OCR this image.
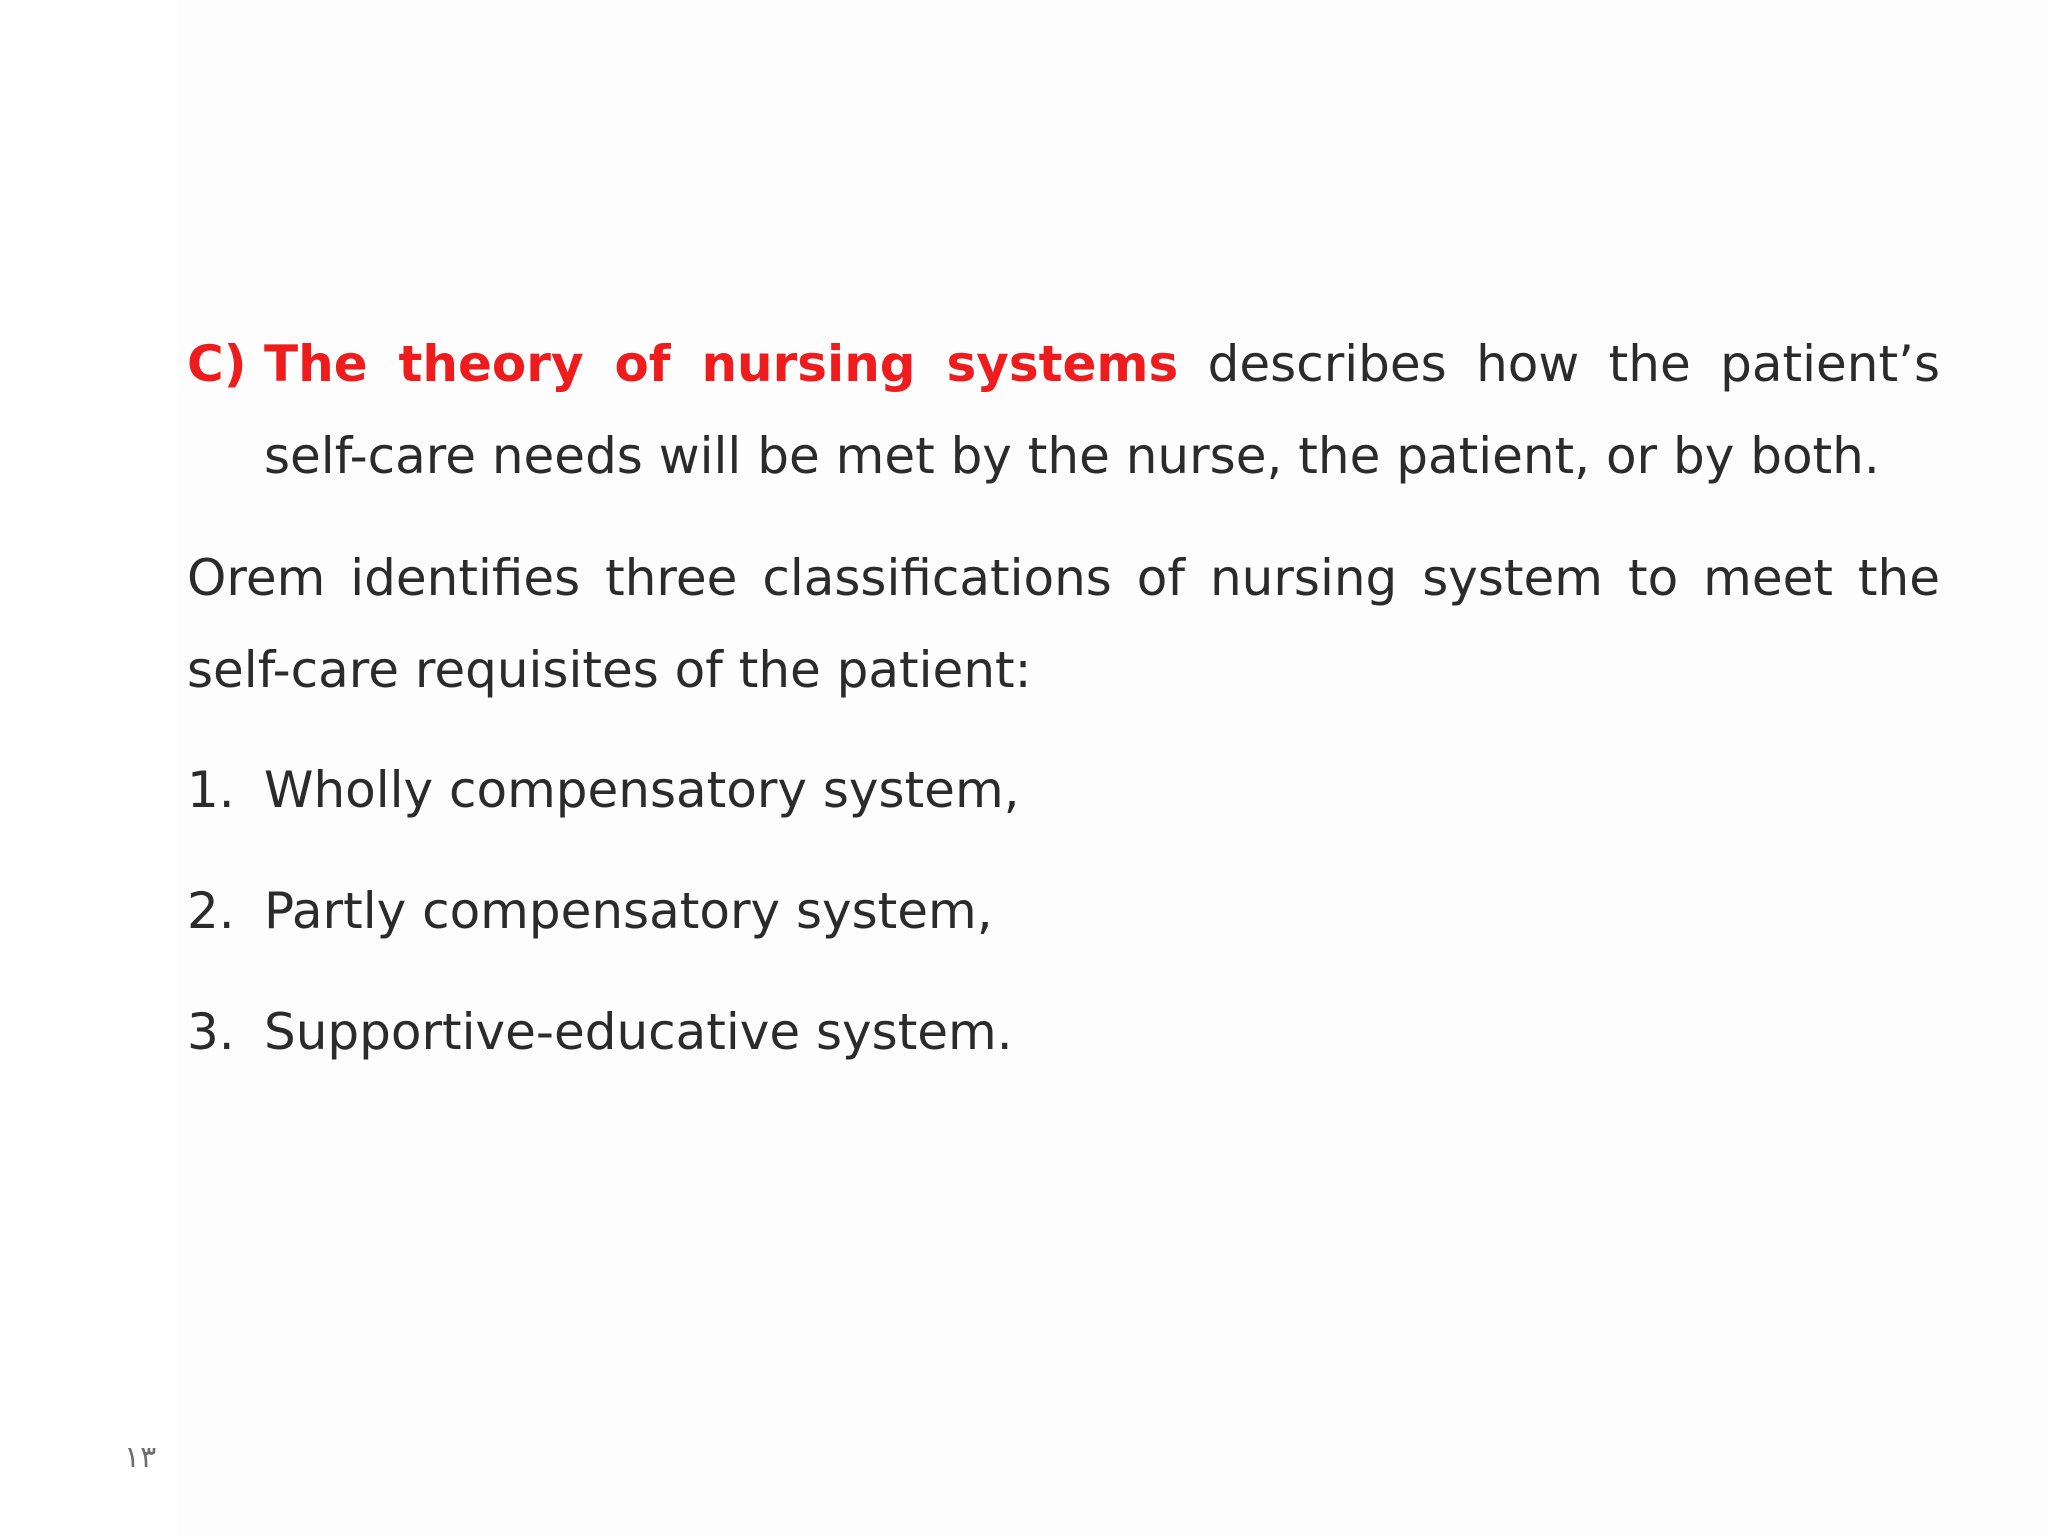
C) The theory of nursing systems describes how the patient’s self-care needs will be met by the nurse, the patient, or by both.
Orem identifies three classifications of nursing system to meet the self-care requisites of the patient:
1. Wholly compensatory system,
2. Partly compensatory system,
3. Supportive-educative system.
١٣
